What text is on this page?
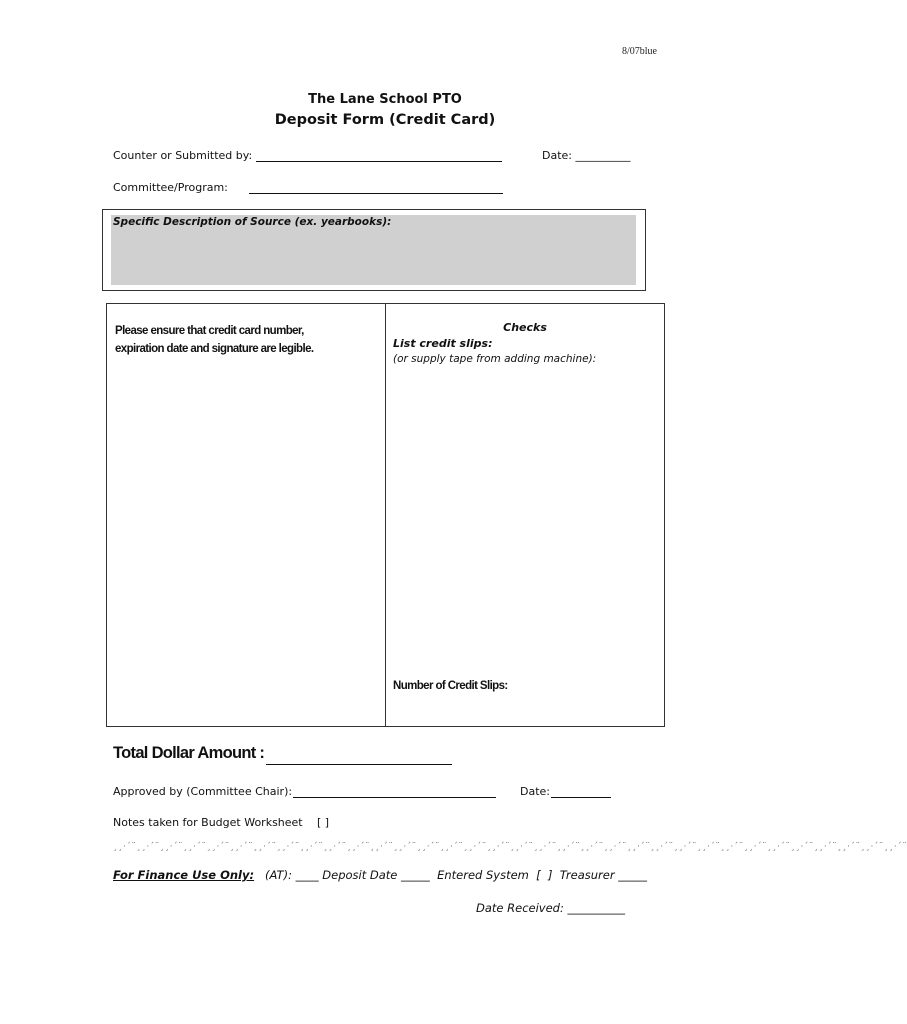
8/07blue
The Lane School PTO
Deposit Form (Credit Card)
Counter or Submitted by:	Date: __________
Committee/Program:
Specific Description of Source (ex. yearbooks):
Please ensure that credit card number,
expiration date and signature are legible.
Checks
List credit slips:
(or supply tape from adding machine):
Number of Credit Slips:
Total Dollar Amount :
Approved by (Committee Chair):	Date:
Notes taken for Budget Worksheet [ ]
¸¸·´¨¸¸·´¨¸¸·´¨¸¸·´¨¸¸·´¨¸¸·´¨¸¸·´¨¸¸·´¨¸¸·´¨¸¸·´¨¸¸·´¨¸¸·´¨¸¸·´¨¸¸·´¨¸¸·´¨¸¸·´¨¸¸·´¨¸¸·´¨¸¸·´¨¸¸·´¨¸¸·´¨¸¸·´¨¸¸·´¨¸¸·´¨¸¸·´¨¸¸·´¨¸¸·´¨¸¸·´¨¸¸·´¨¸¸·´¨¸¸·´¨¸¸·´¨¸¸·´¨¸¸·´¨
For Finance Use Only:   (AT): ____ Deposit Date _____  Entered System  [  ]  Treasurer _____
Date Received: __________
